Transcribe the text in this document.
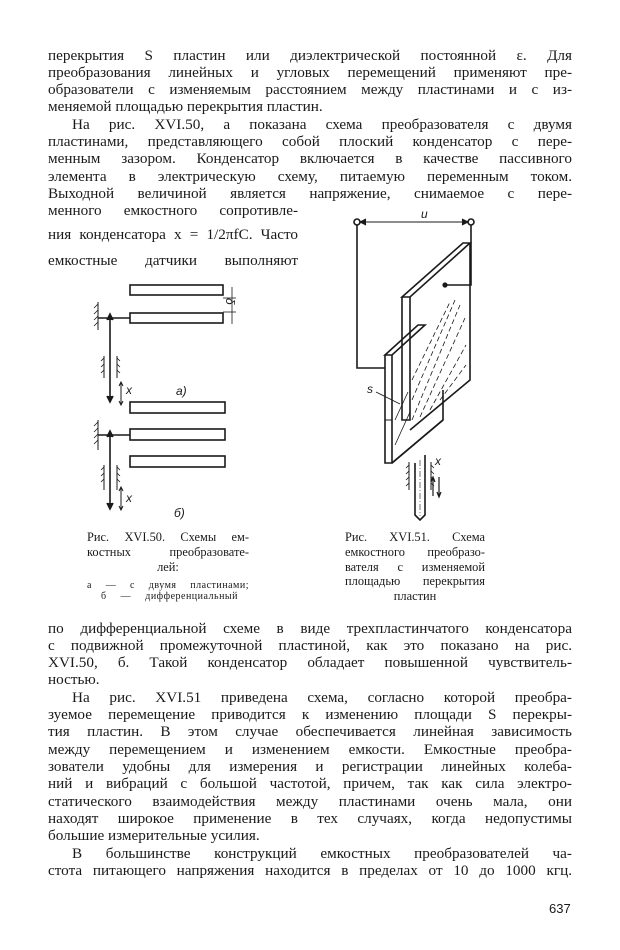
перекрытия S пластин или диэлектрической постоянной ε. Для
преобразования линейных и угловых перемещений применяют пре-
образователи с изменяемым расстоянием между пластинами и с из-
меняемой площадью перекрытия пластин.
На рис. XVI.50, а показана схема преобразователя с двумя
пластинами, представляющего собой плоский конденсатор с пере-
менным зазором. Конденсатор включается в качестве пассивного
элемента в электрическую схему, питаемую переменным током.
Выходной величиной является напряжение, снимаемое с пере-
менного емкостного сопротивле-
ния конденсатора x = 1/2πfC. Часто
емкостные датчики выполняют
x
δ
а)
x
б)
x
u
s
Рис. XVI.50. Схемы ем-
костных преобразовате-
лей:
а — с двумя пластинами;
б — дифференциальный
Рис. XVI.51. Схема
емкостного преобразо-
вателя с изменяемой
площадью перекрытия
пластин
по дифференциальной схеме в виде трехпластинчатого конденсатора
с подвижной промежуточной пластиной, как это показано на рис.
XVI.50, б. Такой конденсатор обладает повышенной чувствитель-
ностью.
На рис. XVI.51 приведена схема, согласно которой преобра-
зуемое перемещение приводится к изменению площади S перекры-
тия пластин. В этом случае обеспечивается линейная зависимость
между перемещением и изменением емкости. Емкостные преобра-
зователи удобны для измерения и регистрации линейных колеба-
ний и вибраций с большой частотой, причем, так как сила электро-
статического взаимодействия между пластинами очень мала, они
находят широкое применение в тех случаях, когда недопустимы
большие измерительные усилия.
В большинстве конструкций емкостных преобразователей ча-
стота питающего напряжения находится в пределах от 10 до 1000 кгц.
637
